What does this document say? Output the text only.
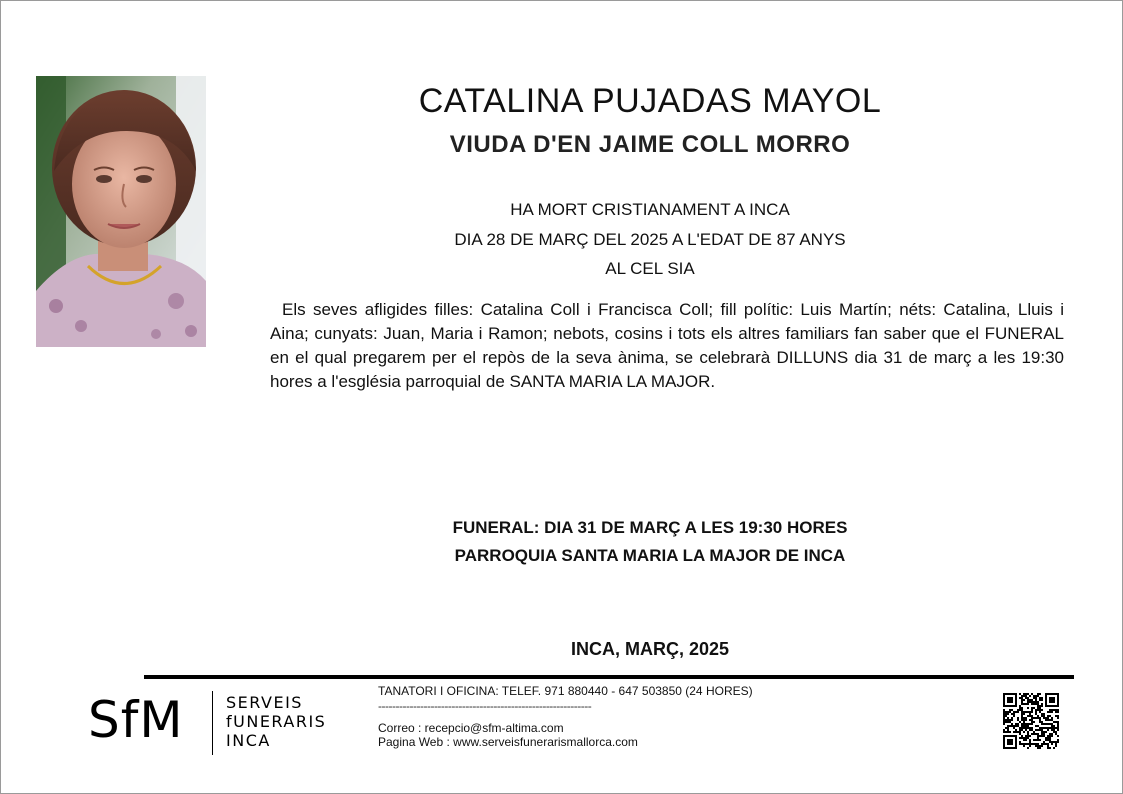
CATALINA PUJADAS MAYOL
VIUDA D'EN JAIME COLL MORRO
HA MORT CRISTIANAMENT A INCA
DIA 28 DE MARÇ DEL 2025 A L'EDAT DE 87 ANYS
AL CEL SIA
Els seves afligides filles: Catalina Coll i Francisca Coll; fill polític: Luis Martín; néts: Catalina, Lluis i Aina; cunyats: Juan, Maria i Ramon; nebots, cosins i tots els altres familiars fan saber que el FUNERAL en el qual pregarem per el repòs de la seva ànima, se celebrarà DILLUNS dia 31 de març a les 19:30 hores a l'església parroquial de SANTA MARIA LA MAJOR.
FUNERAL: DIA 31 DE MARÇ A LES 19:30 HORES
PARROQUIA SANTA MARIA LA MAJOR DE INCA
INCA, MARÇ, 2025
SfM	SERVEIS
fUNERARIS
INCA
TANATORI I OFICINA: TELEF. 971 880440 - 647 503850 (24 HORES)
-------------------------------------------------------------
Correo : recepcio@sfm-altima.com
Pagina Web : www.serveisfunerarismallorca.com
